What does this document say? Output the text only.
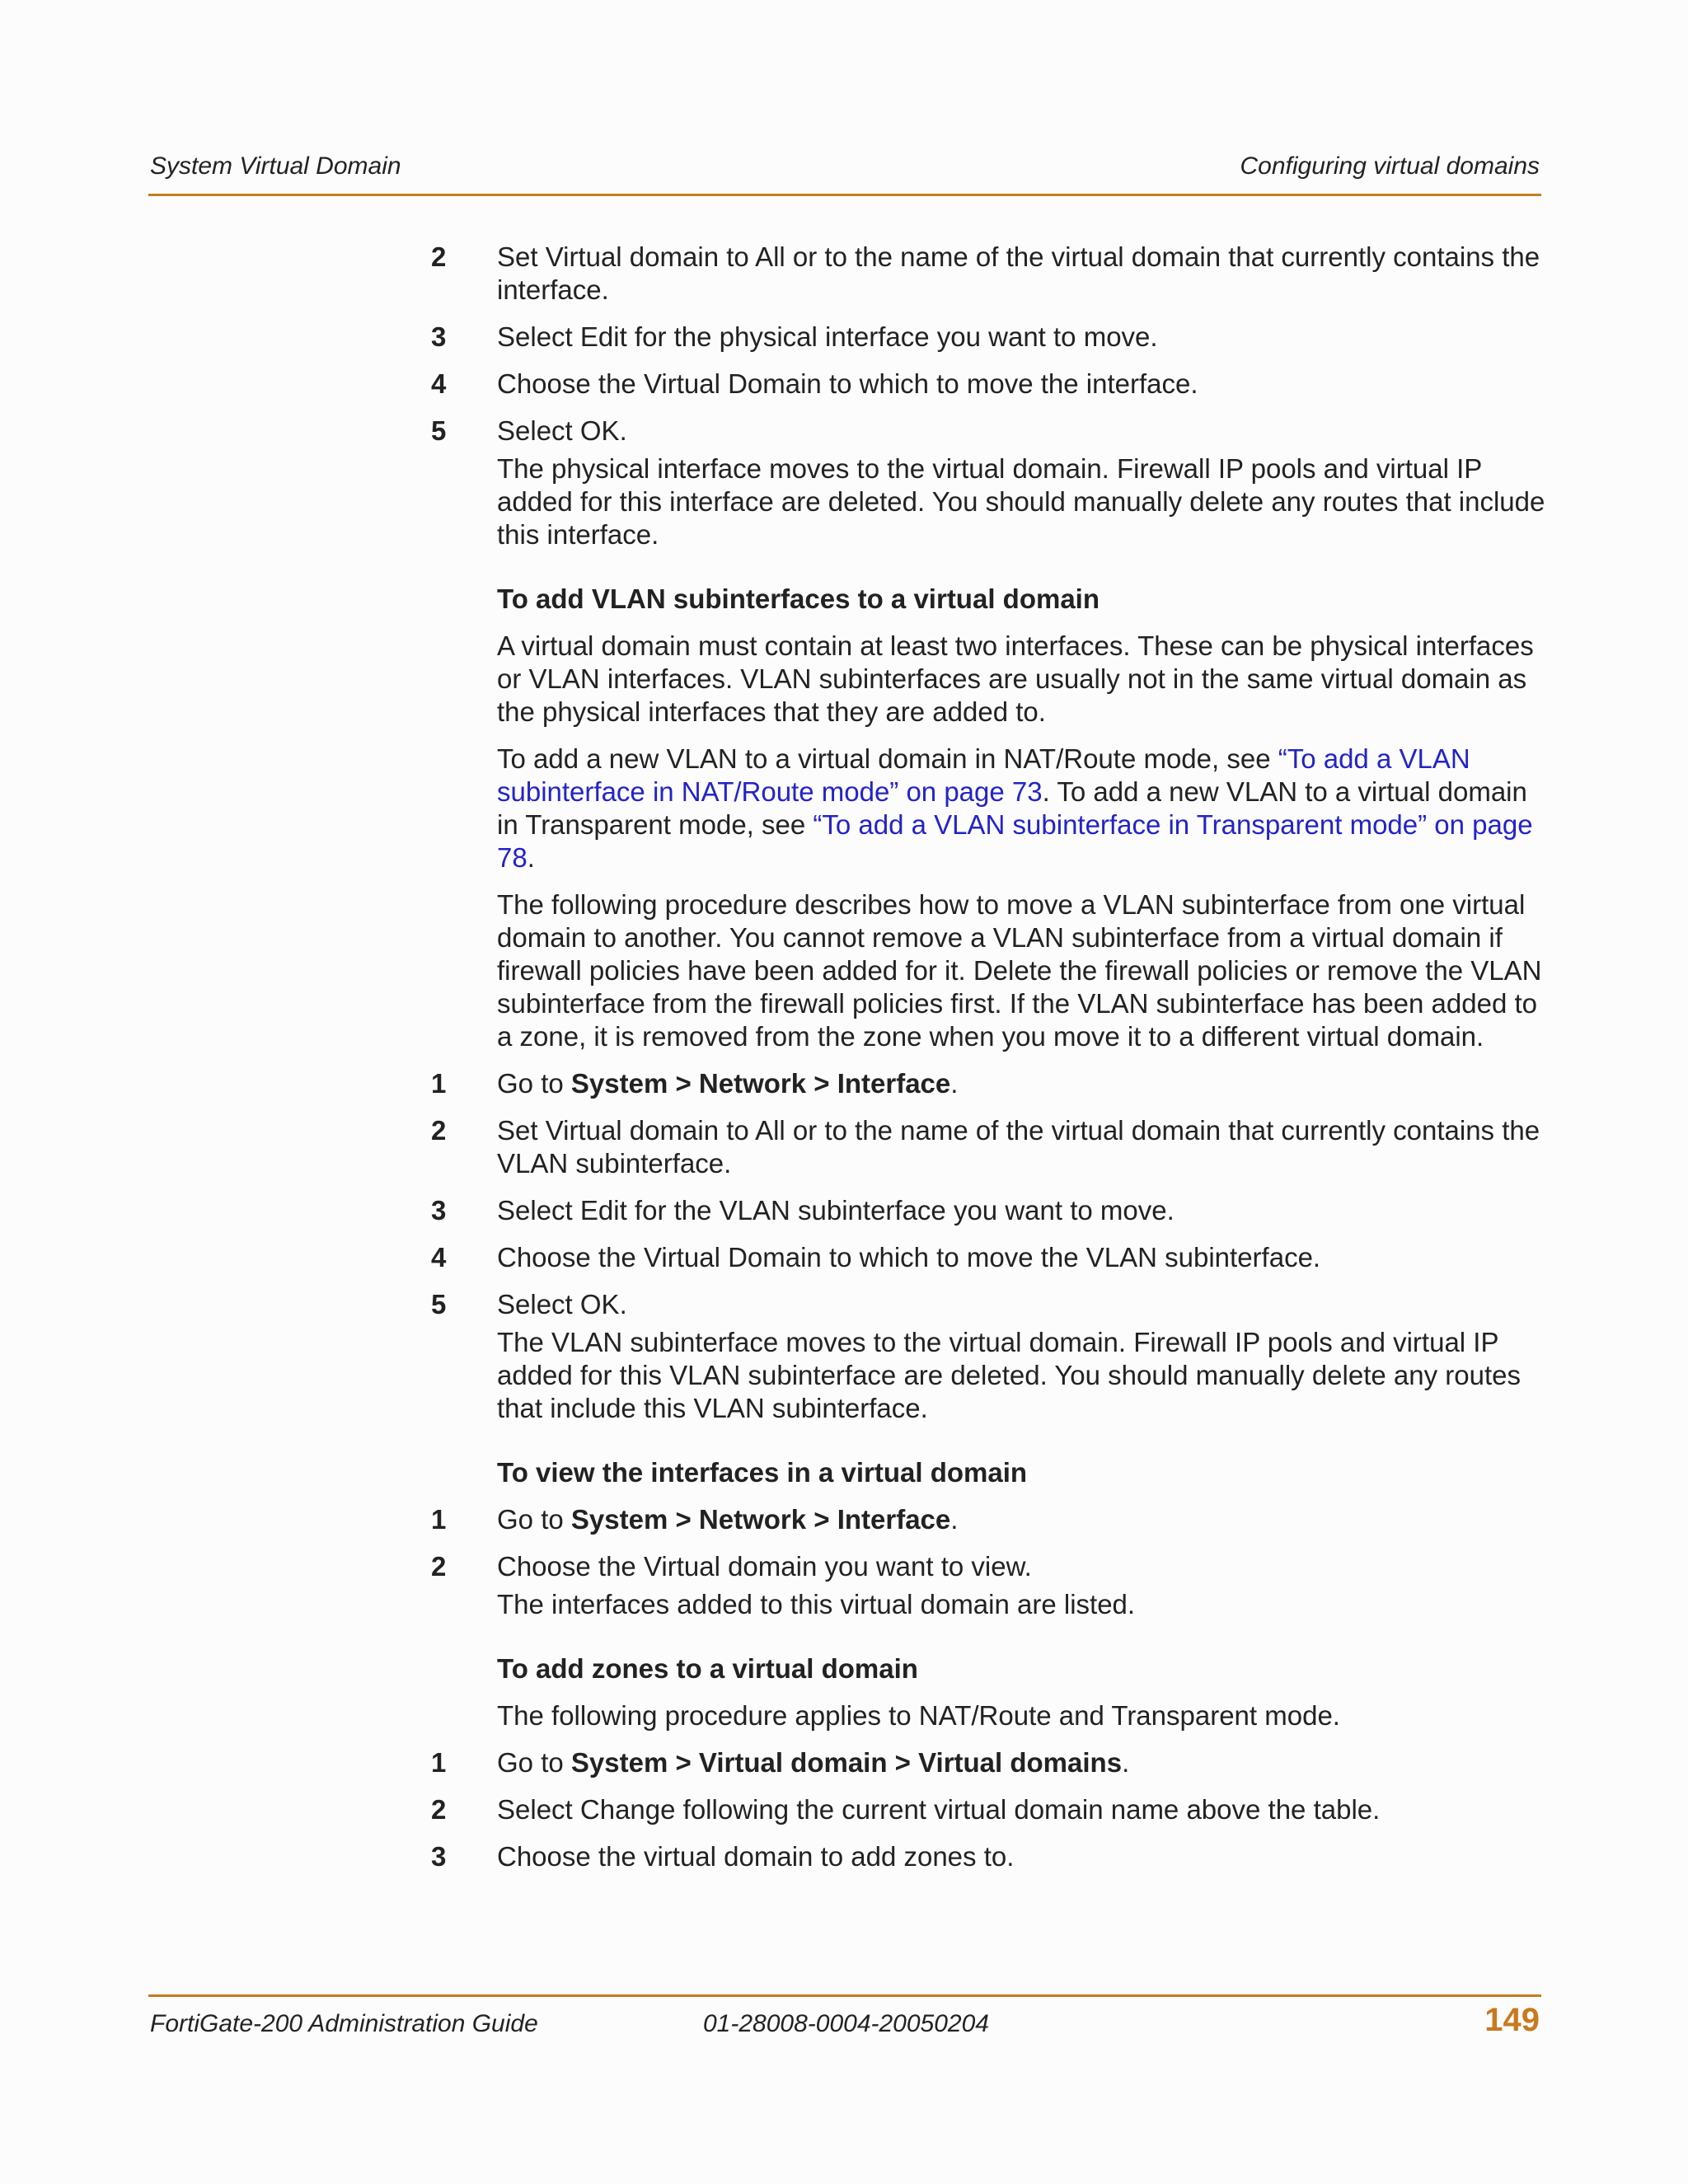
System Virtual Domain	Configuring virtual domains
2 Set Virtual domain to All or to the name of the virtual domain that currently contains the interface.
3 Select Edit for the physical interface you want to move.
4 Choose the Virtual Domain to which to move the interface.
5 Select OK.
The physical interface moves to the virtual domain. Firewall IP pools and virtual IP added for this interface are deleted. You should manually delete any routes that include this interface.
To add VLAN subinterfaces to a virtual domain
A virtual domain must contain at least two interfaces. These can be physical interfaces or VLAN interfaces. VLAN subinterfaces are usually not in the same virtual domain as the physical interfaces that they are added to.
To add a new VLAN to a virtual domain in NAT/Route mode, see “To add a VLAN subinterface in NAT/Route mode” on page 73. To add a new VLAN to a virtual domain in Transparent mode, see “To add a VLAN subinterface in Transparent mode” on page 78.
The following procedure describes how to move a VLAN subinterface from one virtual domain to another. You cannot remove a VLAN subinterface from a virtual domain if firewall policies have been added for it. Delete the firewall policies or remove the VLAN subinterface from the firewall policies first. If the VLAN subinterface has been added to a zone, it is removed from the zone when you move it to a different virtual domain.
1 Go to System > Network > Interface.
2 Set Virtual domain to All or to the name of the virtual domain that currently contains the VLAN subinterface.
3 Select Edit for the VLAN subinterface you want to move.
4 Choose the Virtual Domain to which to move the VLAN subinterface.
5 Select OK.
The VLAN subinterface moves to the virtual domain. Firewall IP pools and virtual IP added for this VLAN subinterface are deleted. You should manually delete any routes that include this VLAN subinterface.
To view the interfaces in a virtual domain
1 Go to System > Network > Interface.
2 Choose the Virtual domain you want to view.
The interfaces added to this virtual domain are listed.
To add zones to a virtual domain
The following procedure applies to NAT/Route and Transparent mode.
1 Go to System > Virtual domain > Virtual domains.
2 Select Change following the current virtual domain name above the table.
3 Choose the virtual domain to add zones to.
FortiGate-200 Administration Guide	01-28008-0004-20050204	149
